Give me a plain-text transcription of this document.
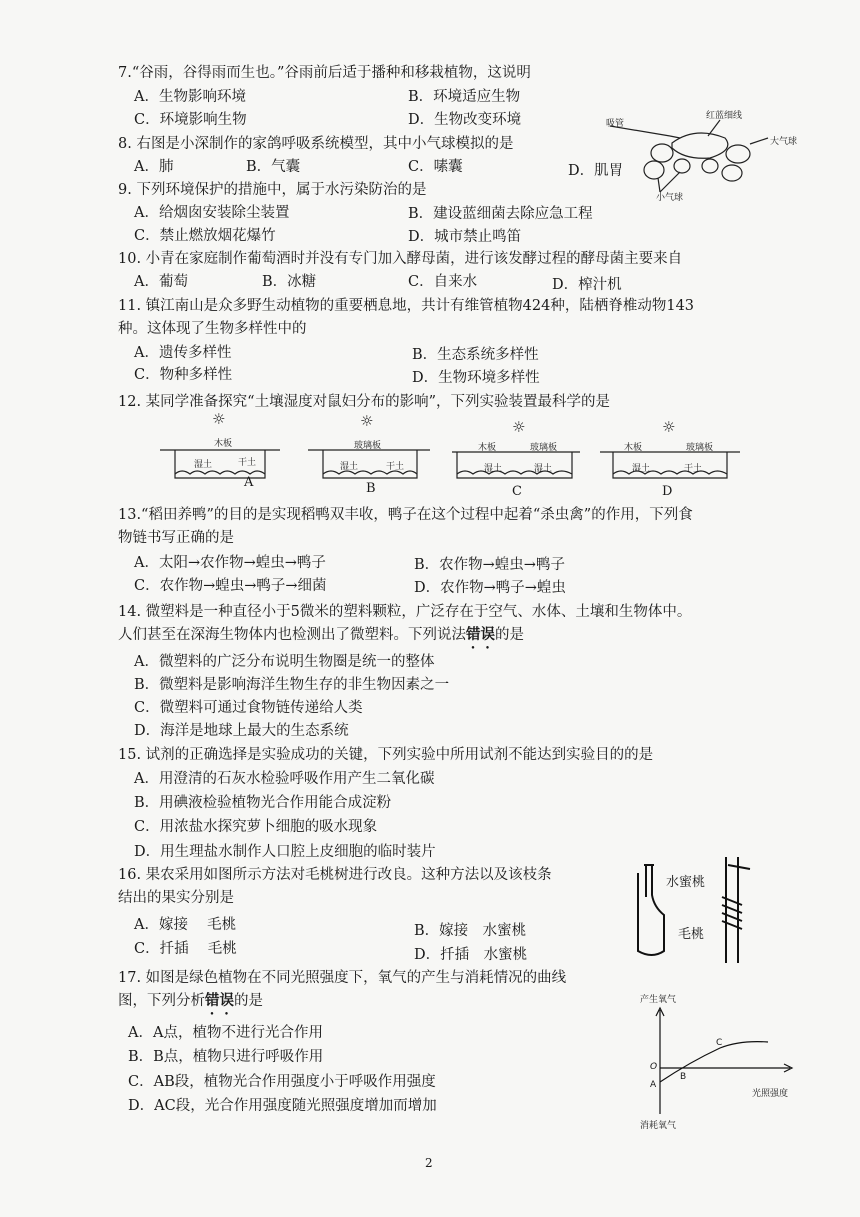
7.“谷雨，谷得雨而生也。”谷雨前后适于播种和移栽植物，这说明
A．生物影响环境	B．环境适应生物
C．环境影响生物	D．生物改变环境
8. 右图是小深制作的家鸽呼吸系统模型，其中小气球模拟的是
A．肺	B．气囊	C．嗉囊	D．肌胃
吸管
红蓝细线
大气球
小气球
9. 下列环境保护的措施中，属于水污染防治的是
A．给烟囱安装除尘装置	B．建设蓝细菌去除应急工程
C．禁止燃放烟花爆竹	D．城市禁止鸣笛
10. 小青在家庭制作葡萄酒时并没有专门加入酵母菌，进行该发酵过程的酵母菌主要来自
A．葡萄	B．冰糖	C．自来水	D．榨汁机
11. 镇江南山是众多野生动植物的重要栖息地，共计有维管植物424种，陆栖脊椎动物143
种。这体现了生物多样性中的
A．遗传多样性	B．生态系统多样性
C．物种多样性	D．生物环境多样性
12. 某同学准备探究“土壤湿度对鼠妇分布的影响”，下列实验装置最科学的是
☼	☼	☼	☼
木板
湿土	干土
A
玻璃板
湿土	干土
B
木板	玻璃板
湿土	湿土
C
木板	玻璃板
湿土	干土
D
13.“稻田养鸭”的目的是实现稻鸭双丰收，鸭子在这个过程中起着“杀虫禽”的作用，下列食
物链书写正确的是
A．太阳→农作物→蝗虫→鸭子	B．农作物→蝗虫→鸭子
C．农作物→蝗虫→鸭子→细菌	D．农作物→鸭子→蝗虫
14. 微塑料是一种直径小于5微米的塑料颗粒，广泛存在于空气、水体、土壤和生物体中。
人们甚至在深海生物体内也检测出了微塑料。下列说法错误的是
A．微塑料的广泛分布说明生物圈是统一的整体
B．微塑料是影响海洋生物生存的非生物因素之一
C．微塑料可通过食物链传递给人类
D．海洋是地球上最大的生态系统
15. 试剂的正确选择是实验成功的关键，下列实验中所用试剂不能达到实验目的的是
A．用澄清的石灰水检验呼吸作用产生二氧化碳
B．用碘液检验植物光合作用能合成淀粉
C．用浓盐水探究萝卜细胞的吸水现象
D．用生理盐水制作人口腔上皮细胞的临时装片
16. 果农采用如图所示方法对毛桃树进行改良。这种方法以及该枝条
结出的果实分别是
A．嫁接　 毛桃	B．嫁接　水蜜桃
C．扦插　 毛桃	D．扦插　水蜜桃
水蜜桃
毛桃
17. 如图是绿色植物在不同光照强度下，氧气的产生与消耗情况的曲线
图，下列分析错误的是
A．A点，植物不进行光合作用
B．B点，植物只进行呼吸作用
C．AB段，植物光合作用强度小于呼吸作用强度
D．AC段，光合作用强度随光照强度增加而增加
产生氧气
消耗氧气
光照强度
O
A
B
C
2
